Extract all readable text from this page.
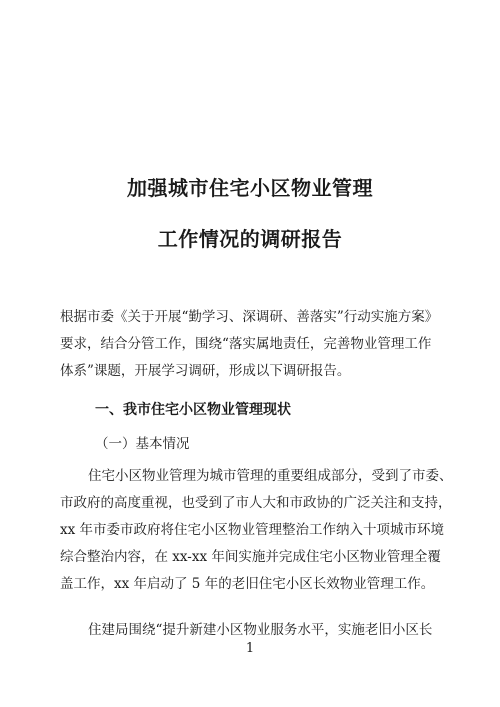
加强城市住宅小区物业管理
工作情况的调研报告
根据市委《关于开展“勤学习、深调研、善落实”行动实施方案》
要求，结合分管工作，围绕“落实属地责任，完善物业管理工作
体系”课题，开展学习调研，形成以下调研报告。
一、我市住宅小区物业管理现状
（一）基本情况
住宅小区物业管理为城市管理的重要组成部分，受到了市委、
市政府的高度重视，也受到了市人大和市政协的广泛关注和支持，
xx 年市委市政府将住宅小区物业管理整治工作纳入十项城市环境
综合整治内容，在 xx-xx 年间实施并完成住宅小区物业管理全覆
盖工作，xx 年启动了 5 年的老旧住宅小区长效物业管理工作。
住建局围绕“提升新建小区物业服务水平，实施老旧小区长
1
